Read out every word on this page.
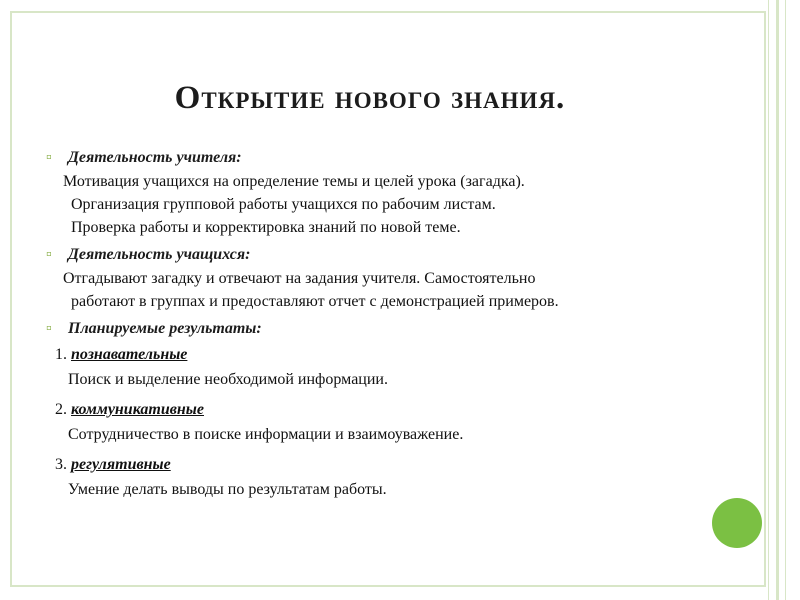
Открытие нового знания.
▫ Деятельность учителя:
Мотивация учащихся на определение темы и целей урока (загадка).
Организация групповой работы учащихся по рабочим листам.
Проверка работы и корректировка знаний по новой теме.
▫ Деятельность учащихся:
Отгадывают загадку и отвечают на задания учителя. Самостоятельно
работают в группах и предоставляют отчет с демонстрацией примеров.
▫ Планируемые результаты:
1. познавательные
Поиск и выделение необходимой информации.
2. коммуникативные
Сотрудничество в поиске информации и взаимоуважение.
3. регулятивные
Умение делать выводы по результатам работы.
